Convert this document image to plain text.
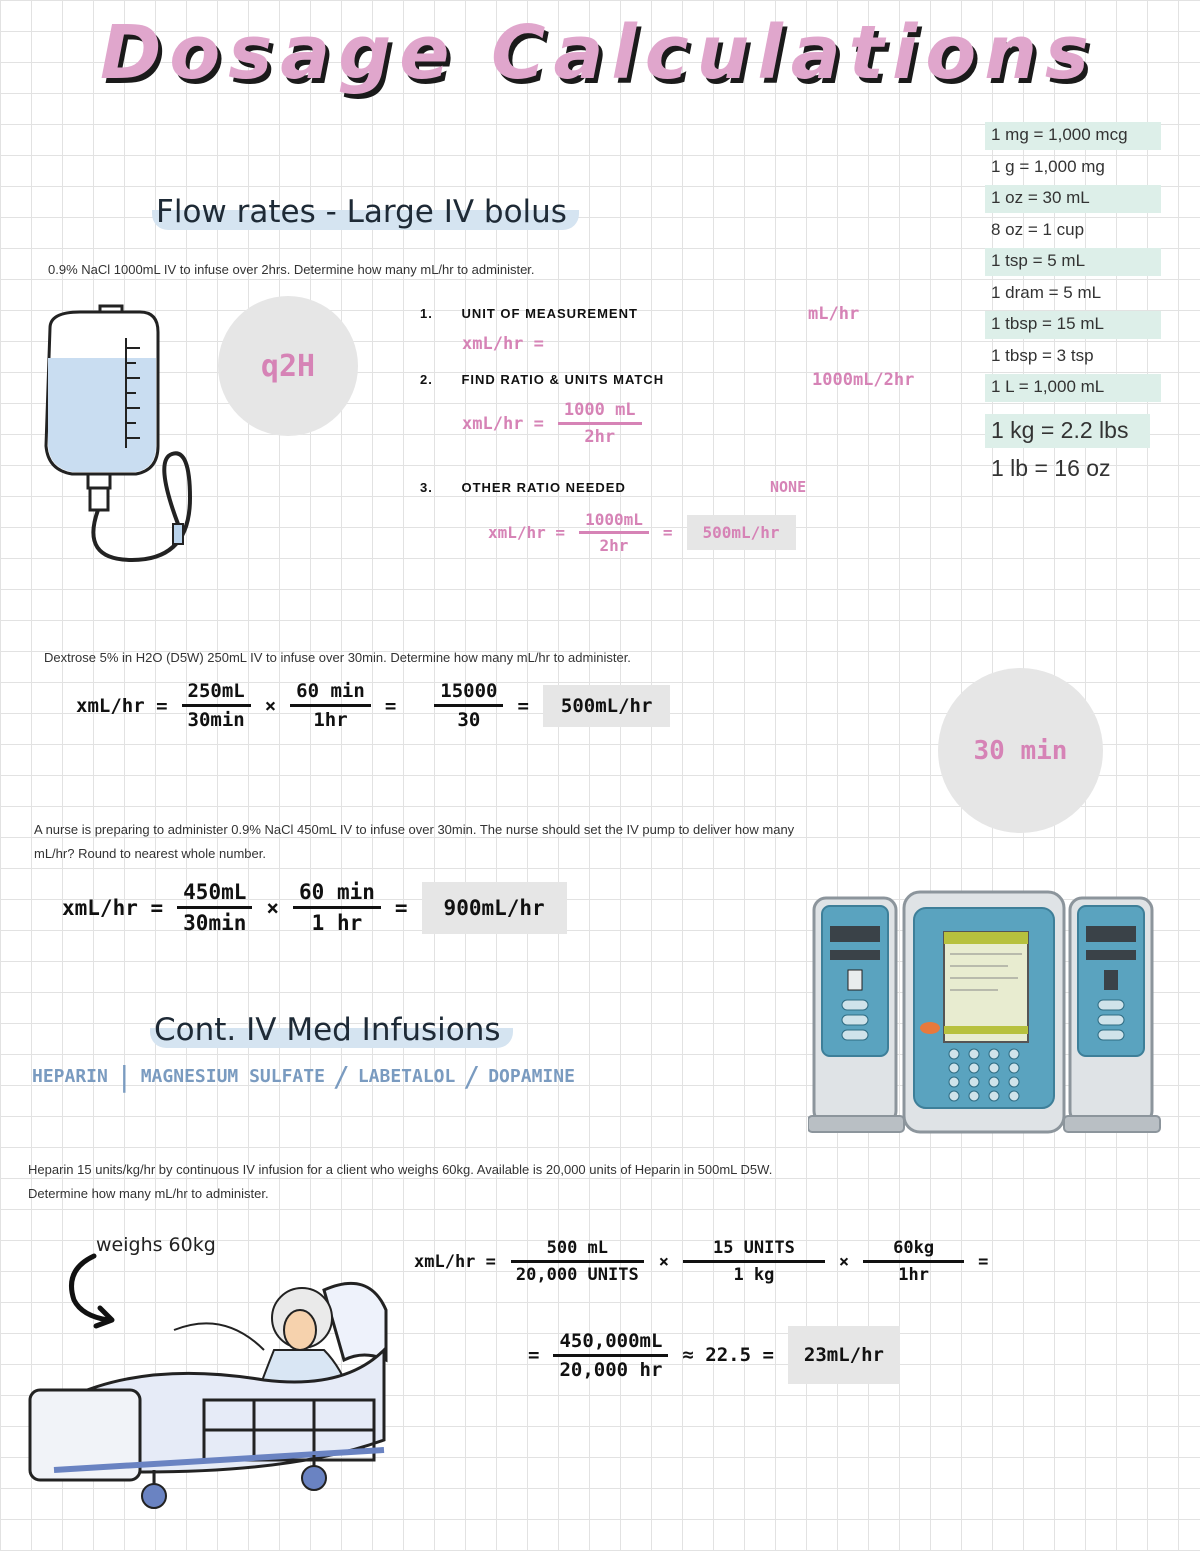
Dosage Calculations
1 mg = 1,000 mcg
1 g = 1,000 mg
1 oz = 30 mL
8 oz = 1 cup
1 tsp = 5 mL
1 dram = 5 mL
1 tbsp = 15 mL
1 tbsp = 3 tsp
1 L = 1,000 mL
1 kg = 2.2 lbs
1 lb = 16 oz
Flow rates - Large IV bolus
0.9% NaCl 1000mL IV to infuse over 2hrs. Determine how many mL/hr to administer.
q2H
1. UNIT OF MEASUREMENT	mL/hr
xmL/hr =
2. FIND RATIO & UNITS MATCH	1000mL/2hr
$xmL/hr = \frac{1000 mL}{2hr}$
3. OTHER RATIO NEEDED	NONE
$xmL/hr = \frac{1000mL}{2hr}$ =	500mL/hr
Dextrose 5% in H2O (D5W) 250mL IV to infuse over 30min. Determine how many mL/hr to administer.
$xmL/hr = \frac{250mL}{30\min} \times \frac{60 \min}{1hr} = \frac{15000}{30}$ =	500mL/hr
30 min
A nurse is preparing to administer 0.9% NaCl 450mL IV to infuse over 30min. The nurse should set the IV pump to deliver how many mL/hr? Round to nearest whole number.
$xmL/hr = \frac{450mL}{30\min} \times \frac{60 \min}{1 hr}$ =	900mL/hr
Cont. IV Med Infusions
HEPARIN | MAGNESIUM SULFATE / LABETALOL / DOPAMINE
Heparin 15 units/kg/hr by continuous IV infusion for a client who weighs 60kg. Available is 20,000 units of Heparin in 500mL D5W. Determine how many mL/hr to administer.
weighs 60kg
$xmL/hr = \frac{500 mL}{\text{20,000 UNITS}} \times \frac{\text{15 UNITS}}{1 kg} \times \frac{60kg}{1hr}$ =
= $\frac{450,000mL}{20,000 hr} \approx 22.5$ =	23mL/hr
